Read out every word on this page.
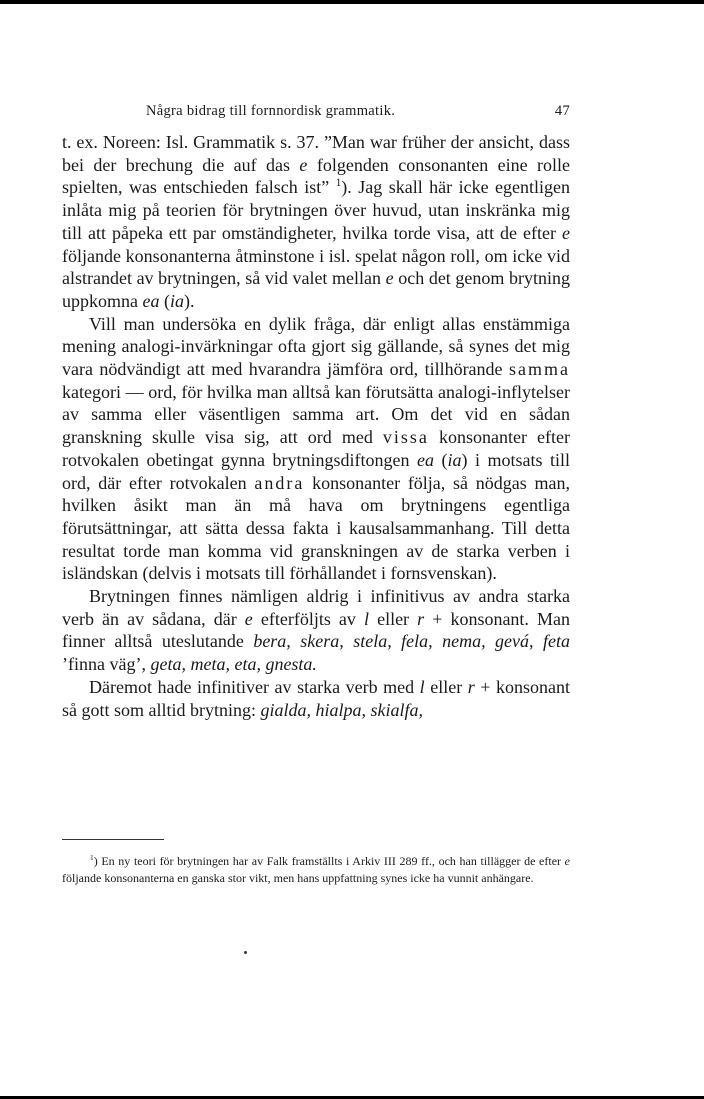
Några bidrag till fornnordisk grammatik.	47

t. ex. Noreen: Isl. Grammatik s. 37. ”Man war früher der ansicht, dass bei der brechung die auf das e folgenden consonanten eine rolle spielten, was entschieden falsch ist” $^1$). Jag skall här icke egentligen inlåta mig på teorien för brytningen över huvud, utan inskränka mig till att påpeka ett par omständigheter, hvilka torde visa, att de efter e följande konsonanterna åtminstone i isl. spelat någon roll, om icke vid alstrandet av brytningen, så vid valet mellan e och det genom brytning uppkomna ea (ia).

Vill man undersöka en dylik fråga, där enligt allas enstämmiga mening analogi-invärkningar ofta gjort sig gällande, så synes det mig vara nödvändigt att med hvarandra jämföra ord, tillhörande samma kategori — ord, för hvilka man alltså kan förutsätta analogi-inflytelser av samma eller väsentligen samma art. Om det vid en sådan granskning skulle visa sig, att ord med vissa konsonanter efter rotvokalen obetingat gynna brytningsdiftongen ea (ia) i motsats till ord, där efter rotvokalen andra konsonanter följa, så nödgas man, hvilken åsikt man än må hava om brytningens egentliga förutsättningar, att sätta dessa fakta i kausalsammanhang. Till detta resultat torde man komma vid granskningen av de starka verben i isländskan (delvis i motsats till förhållandet i fornsvenskan).

Brytningen finnes nämligen aldrig i infinitivus av andra starka verb än av sådana, där e efterföljts av l eller r + konsonant. Man finner alltså uteslutande bera, skera, stela, fela, nema, gevá, feta ’finna väg’, geta, meta, eta, gnesta.

Däremot hade infinitiver av starka verb med l eller r + konsonant så gott som alltid brytning: gialda, hialpa, skialfa,

$^1$) En ny teori för brytningen har av Falk framställts i Arkiv III 289 ff., och han tillägger de efter e följande konsonanterna en ganska stor vikt, men hans uppfattning synes icke ha vunnit anhängare.
